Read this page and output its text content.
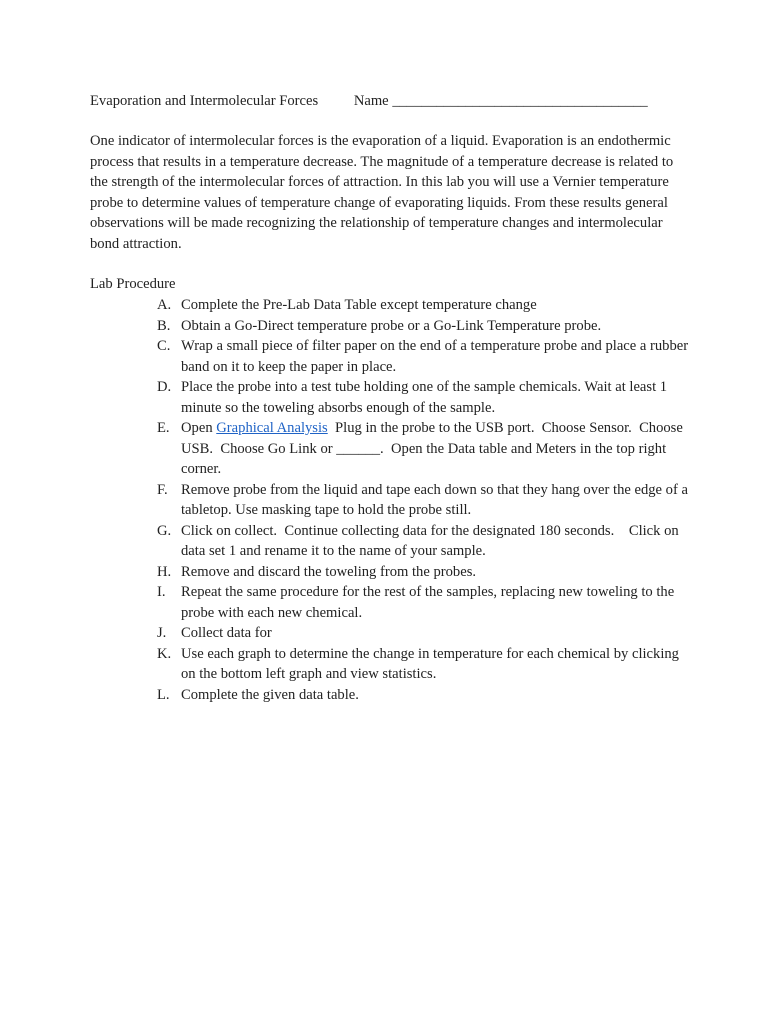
Evaporation and Intermolecular Forces Name ___________________________________

One indicator of intermolecular forces is the evaporation of a liquid. Evaporation is an endothermic process that results in a temperature decrease. The magnitude of a temperature decrease is related to the strength of the intermolecular forces of attraction. In this lab you will use a Vernier temperature probe to determine values of temperature change of evaporating liquids. From these results general observations will be made recognizing the relationship of temperature changes and intermolecular bond attraction.

Lab Procedure
A. Complete the Pre-Lab Data Table except temperature change
B. Obtain a Go-Direct temperature probe or a Go-Link Temperature probe.
C. Wrap a small piece of filter paper on the end of a temperature probe and place a rubber band on it to keep the paper in place.
D. Place the probe into a test tube holding one of the sample chemicals. Wait at least 1 minute so the toweling absorbs enough of the sample.
E. Open Graphical Analysis  Plug in the probe to the USB port.  Choose Sensor.  Choose USB.  Choose Go Link or ______.  Open the Data table and Meters in the top right corner.
F. Remove probe from the liquid and tape each down so that they hang over the edge of a tabletop. Use masking tape to hold the probe still.
G. Click on collect.  Continue collecting data for the designated 180 seconds.    Click on data set 1 and rename it to the name of your sample.
H. Remove and discard the toweling from the probes.
I. Repeat the same procedure for the rest of the samples, replacing new toweling to the probe with each new chemical.
J. Collect data for
K. Use each graph to determine the change in temperature for each chemical by clicking on the bottom left graph and view statistics.
L. Complete the given data table.
